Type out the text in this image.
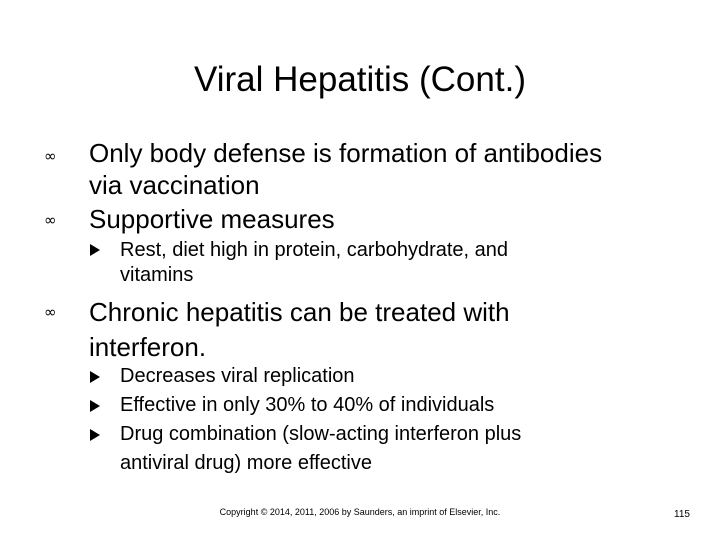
Viral Hepatitis (Cont.)
∞ Only body defense is formation of antibodies
via vaccination
∞ Supportive measures
Rest, diet high in protein, carbohydrate, and
vitamins
∞ Chronic hepatitis can be treated with
interferon.
Decreases viral replication
Effective in only 30% to 40% of individuals
Drug combination (slow-acting interferon plus
antiviral drug) more effective
Copyright © 2014, 2011, 2006 by Saunders, an imprint of Elsevier, Inc.	115
